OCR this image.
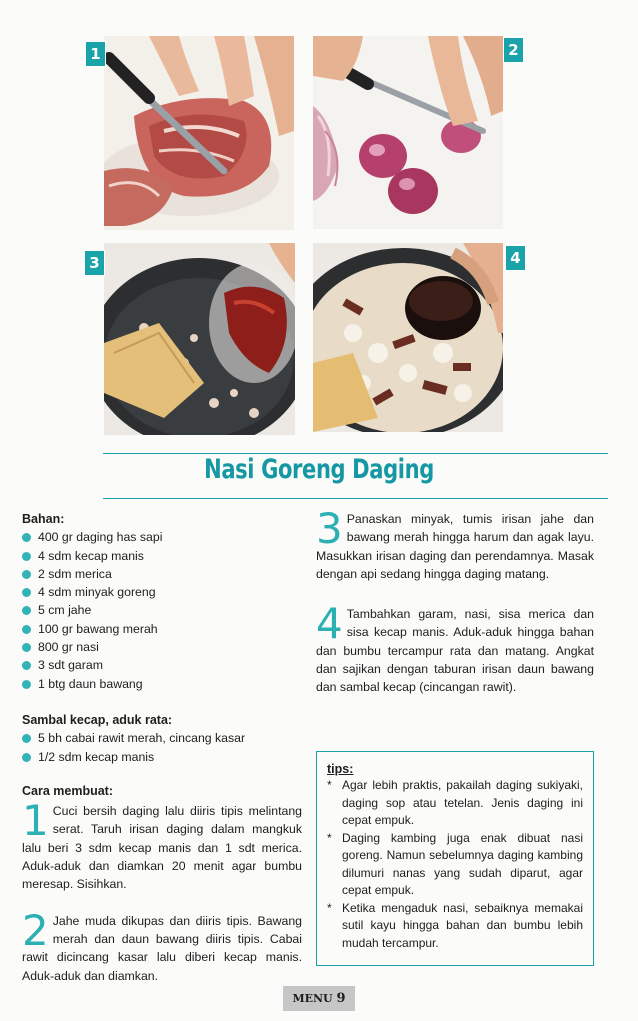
1	2
3	4
Nasi Goreng Daging

Bahan:

400 gr daging has sapi
4 sdm kecap manis
2 sdm merica
4 sdm minyak goreng
5 cm jahe
100 gr bawang merah
800 gr nasi
3 sdt garam
1 btg daun bawang

Sambal kecap, aduk rata:

5 bh cabai rawit merah, cincang kasar
1/2 sdm kecap manis

Cara membuat:

1 Cuci bersih daging lalu diiris tipis melintang serat. Taruh irisan daging dalam mangkuk lalu beri 3 sdm kecap manis dan 1 sdt merica. Aduk-aduk dan diamkan 20 menit agar bumbu meresap. Sisihkan.
2 Jahe muda dikupas dan diiris tipis. Bawang merah dan daun bawang diiris tipis. Cabai rawit dicincang kasar lalu diberi kecap manis. Aduk-aduk dan diamkan.
3 Panaskan minyak, tumis irisan jahe dan bawang merah hingga harum dan agak layu. Masukkan irisan daging dan perendamnya. Masak dengan api sedang hingga daging matang.
4 Tambahkan garam, nasi, sisa merica dan sisa kecap manis. Aduk-aduk hingga bahan dan bumbu tercampur rata dan matang. Angkat dan sajikan dengan taburan irisan daun bawang dan sambal kecap (cincangan rawit).

tips:

* Agar lebih praktis, pakailah daging sukiyaki, daging sop atau tetelan. Jenis daging ini cepat empuk.
* Daging kambing juga enak dibuat nasi goreng. Namun sebelumnya daging kambing dilumuri nanas yang sudah diparut, agar cepat empuk.
* Ketika mengaduk nasi, sebaiknya memakai sutil kayu hingga bahan dan bumbu lebih mudah tercampur.
MENU 9
